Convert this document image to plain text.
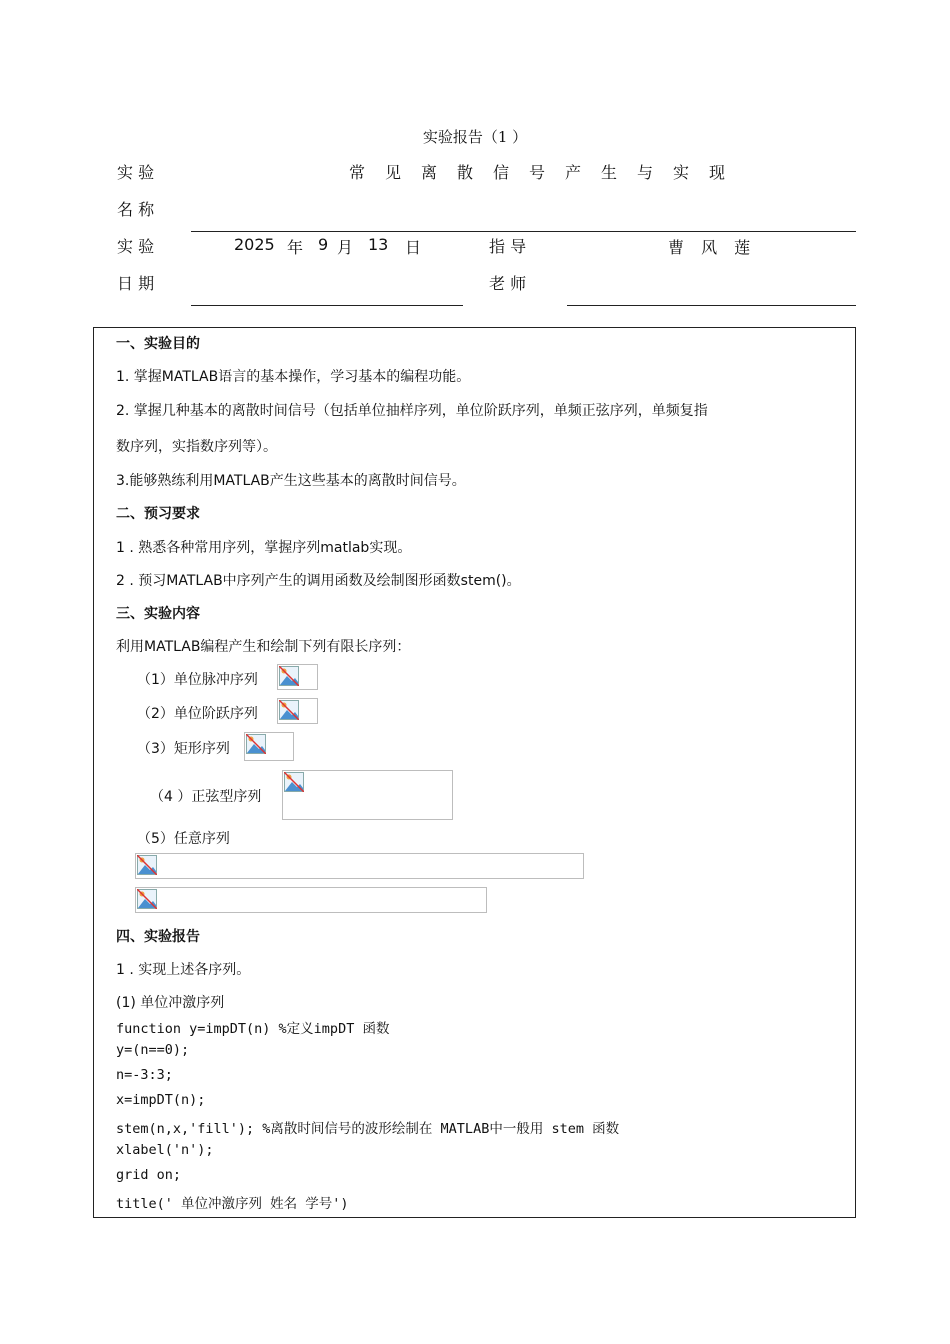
实验报告（1 ）
实 验
名 称
常见离散信号产生与实现
实 验
日 期
2025 年 9 月 13 日	指 导
老 师
曹 风 莲
一、实验目的
1. 掌握MATLAB语言的基本操作，学习基本的编程功能。
2. 掌握几种基本的离散时间信号（包括单位抽样序列，单位阶跃序列，单频正弦序列，单频复指
数序列，实指数序列等）。
3.能够熟练利用MATLAB产生这些基本的离散时间信号。
二、预习要求
1 . 熟悉各种常用序列，掌握序列matlab实现。
2 . 预习MATLAB中序列产生的调用函数及绘制图形函数stem()。
三、实验内容
利用MATLAB编程产生和绘制下列有限长序列：
（1）单位脉冲序列
（2）单位阶跃序列
（3）矩形序列
（4 ）正弦型序列
（5）任意序列
四、实验报告
1 . 实现上述各序列。
(1) 单位冲激序列
function y=impDT(n) %定义impDT 函数
y=(n==0);
n=-3:3;
x=impDT(n);
stem(n,x,'fill'); %离散时间信号的波形绘制在 MATLAB中一般用 stem 函数
xlabel('n');
grid on;
title(' 单位冲激序列 姓名 学号')
